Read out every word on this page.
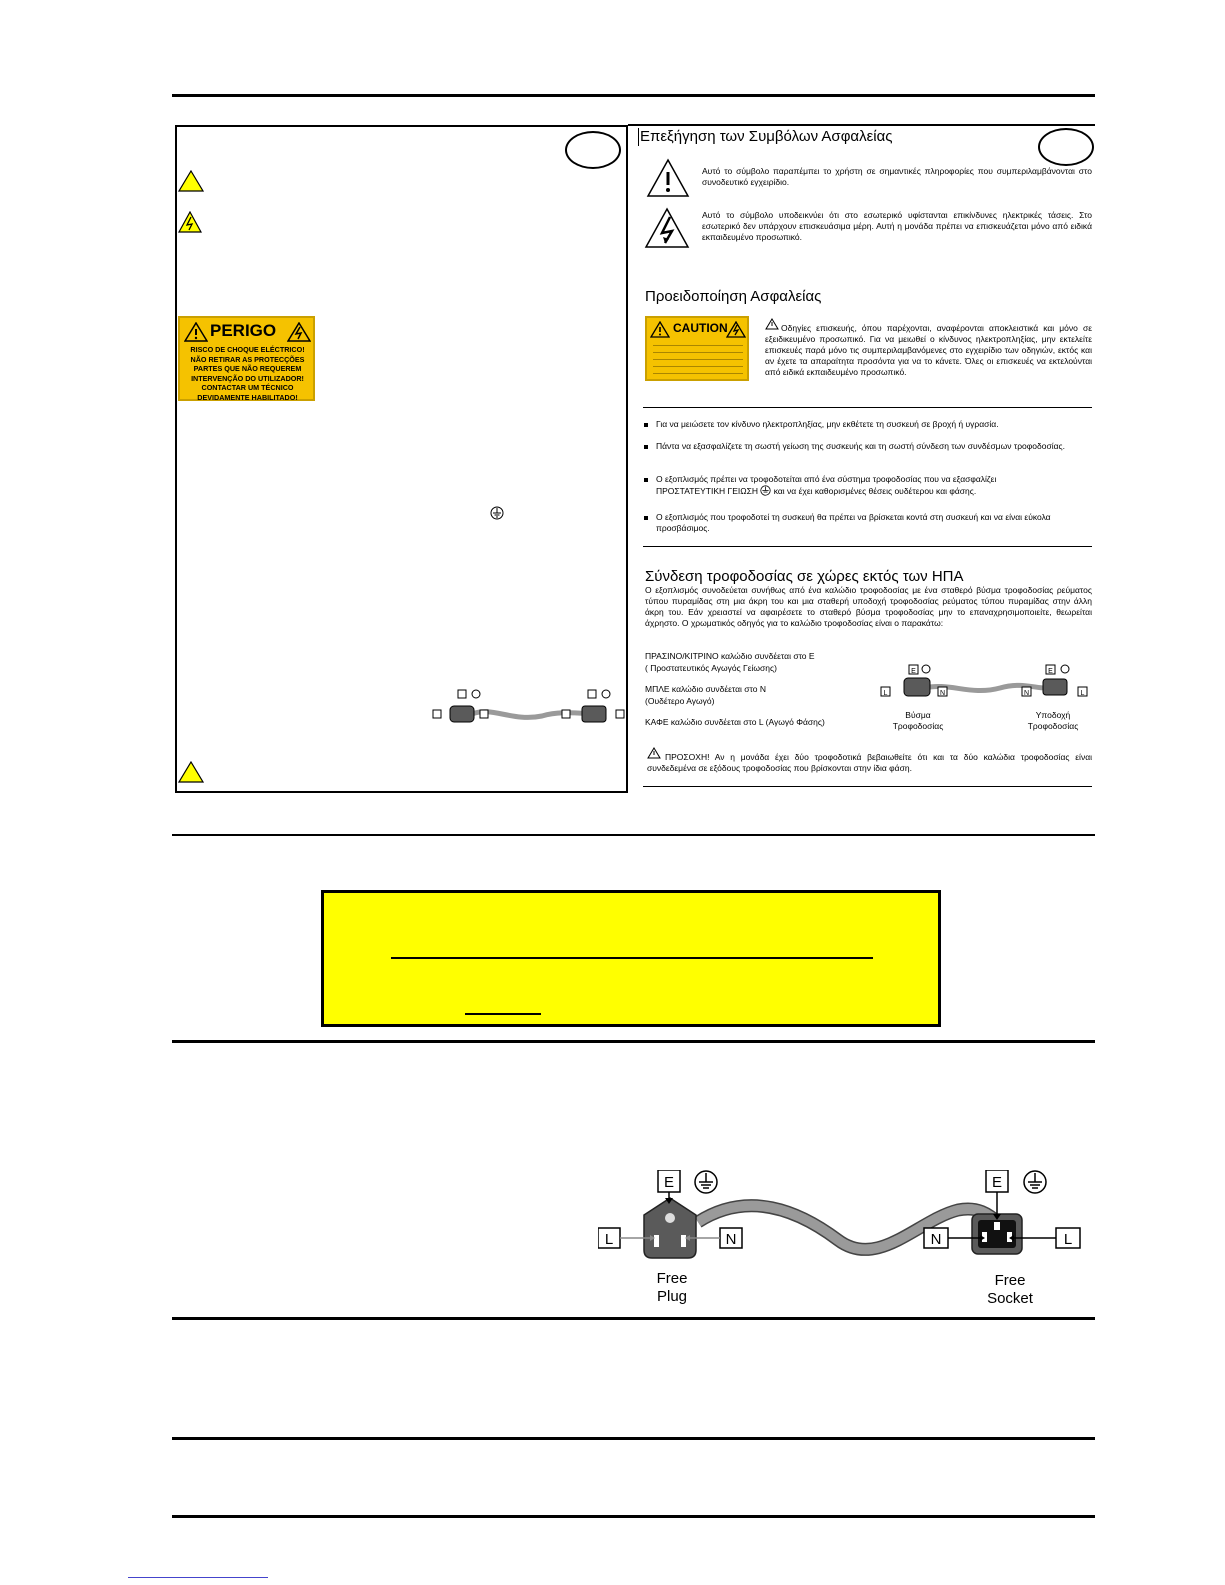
PERIGO
RISCO DE CHOQUE ELÉCTRICO! NÃO RETIRAR AS PROTECÇÕES PARTES QUE NÃO REQUEREM INTERVENÇÃO DO UTILIZADOR! CONTACTAR UM TÉCNICO DEVIDAMENTE HABILITADO!
Επεξήγηση των Συμβόλων Ασφαλείας
Αυτό το σύμβολο παραπέμπει το χρήστη σε σημαντικές πληροφορίες που συμπεριλαμβάνονται στο συνοδευτικό εγχειρίδιο.
Αυτό το σύμβολο υποδεικνύει ότι στο εσωτερικό υφίστανται επικίνδυνες ηλεκτρικές τάσεις. Στο εσωτερικό δεν υπάρχουν επισκευάσιμα μέρη. Αυτή η μονάδα πρέπει να επισκευάζεται μόνο από ειδικά εκπαιδευμένο προσωπικό.
Προειδοποίηση Ασφαλείας
CAUTION	Οδηγίες επισκευής, όπου παρέχονται, αναφέρονται αποκλειστικά και μόνο σε εξειδικευμένο προσωπικό. Για να μειωθεί ο κίνδυνος ηλεκτροπληξίας, μην εκτελείτε επισκευές παρά μόνο τις συμπεριλαμβανόμενες στο εγχειρίδιο των οδηγιών, εκτός και αν έχετε τα απαραίτητα προσόντα για να το κάνετε. Όλες οι επισκευές να εκτελούνται από ειδικά εκπαιδευμένο προσωπικό.
Για να μειώσετε τον κίνδυνο ηλεκτροπληξίας, μην εκθέτετε τη συσκευή σε βροχή ή υγρασία.
Πάντα να εξασφαλίζετε τη σωστή γείωση της συσκευής και τη σωστή σύνδεση των συνδέσμων τροφοδοσίας.
Ο εξοπλισμός πρέπει να τροφοδοτείται από ένα σύστημα τροφοδοσίας που να εξασφαλίζει
ΠΡΟΣΤΑΤΕΥΤΙΚΗ ΓΕΙΩΣΗ και να έχει καθορισμένες θέσεις ουδέτερου και φάσης.
Ο εξοπλισμός που τροφοδοτεί τη συσκευή θα πρέπει να βρίσκεται κοντά στη συσκευή και να είναι εύκολα προσβάσιμος.
Σύνδεση τροφοδοσίας σε χώρες εκτός των ΗΠΑ
Ο εξοπλισμός συνοδεύεται συνήθως από ένα καλώδιο τροφοδοσίας με ένα σταθερό βύσμα τροφοδοσίας ρεύματος τύπου πυραμίδας στη μια άκρη του και μια σταθερή υποδοχή τροφοδοσίας ρεύματος τύπου πυραμίδας στην άλλη άκρη του. Εάν χρειαστεί να αφαιρέσετε το σταθερό βύσμα τροφοδοσίας μην το επαναχρησιμοποιείτε, θεωρείται άχρηστο. Ο χρωματικός οδηγός για το καλώδιο τροφοδοσίας είναι ο παρακάτω:
ΠΡΑΣΙΝΟ/ΚΙΤΡΙΝΟ καλώδιο συνδέεται στο Ε
( Προστατευτικός Αγωγός Γείωσης)
ΜΠΛΕ καλώδιο συνδέεται στο Ν
(Ουδέτερο Αγωγό)
ΚΑΦΕ καλώδιο συνδέεται στο L (Αγωγό Φάσης)
E
L	N
E
N	L
Βύσμα
Τροφοδοσίας
Υποδοχή
Τροφοδοσίας
ΠΡΟΣΟΧΗ! Αν η μονάδα έχει δύο τροφοδοτικά βεβαιωθείτε ότι και τα δύο καλώδια τροφοδοσίας είναι συνδεδεμένα σε εξόδους τροφοδοσίας που βρίσκονται στην ίδια φάση.
E
L	N
E
N	L
Free
Plug
Free
Socket
